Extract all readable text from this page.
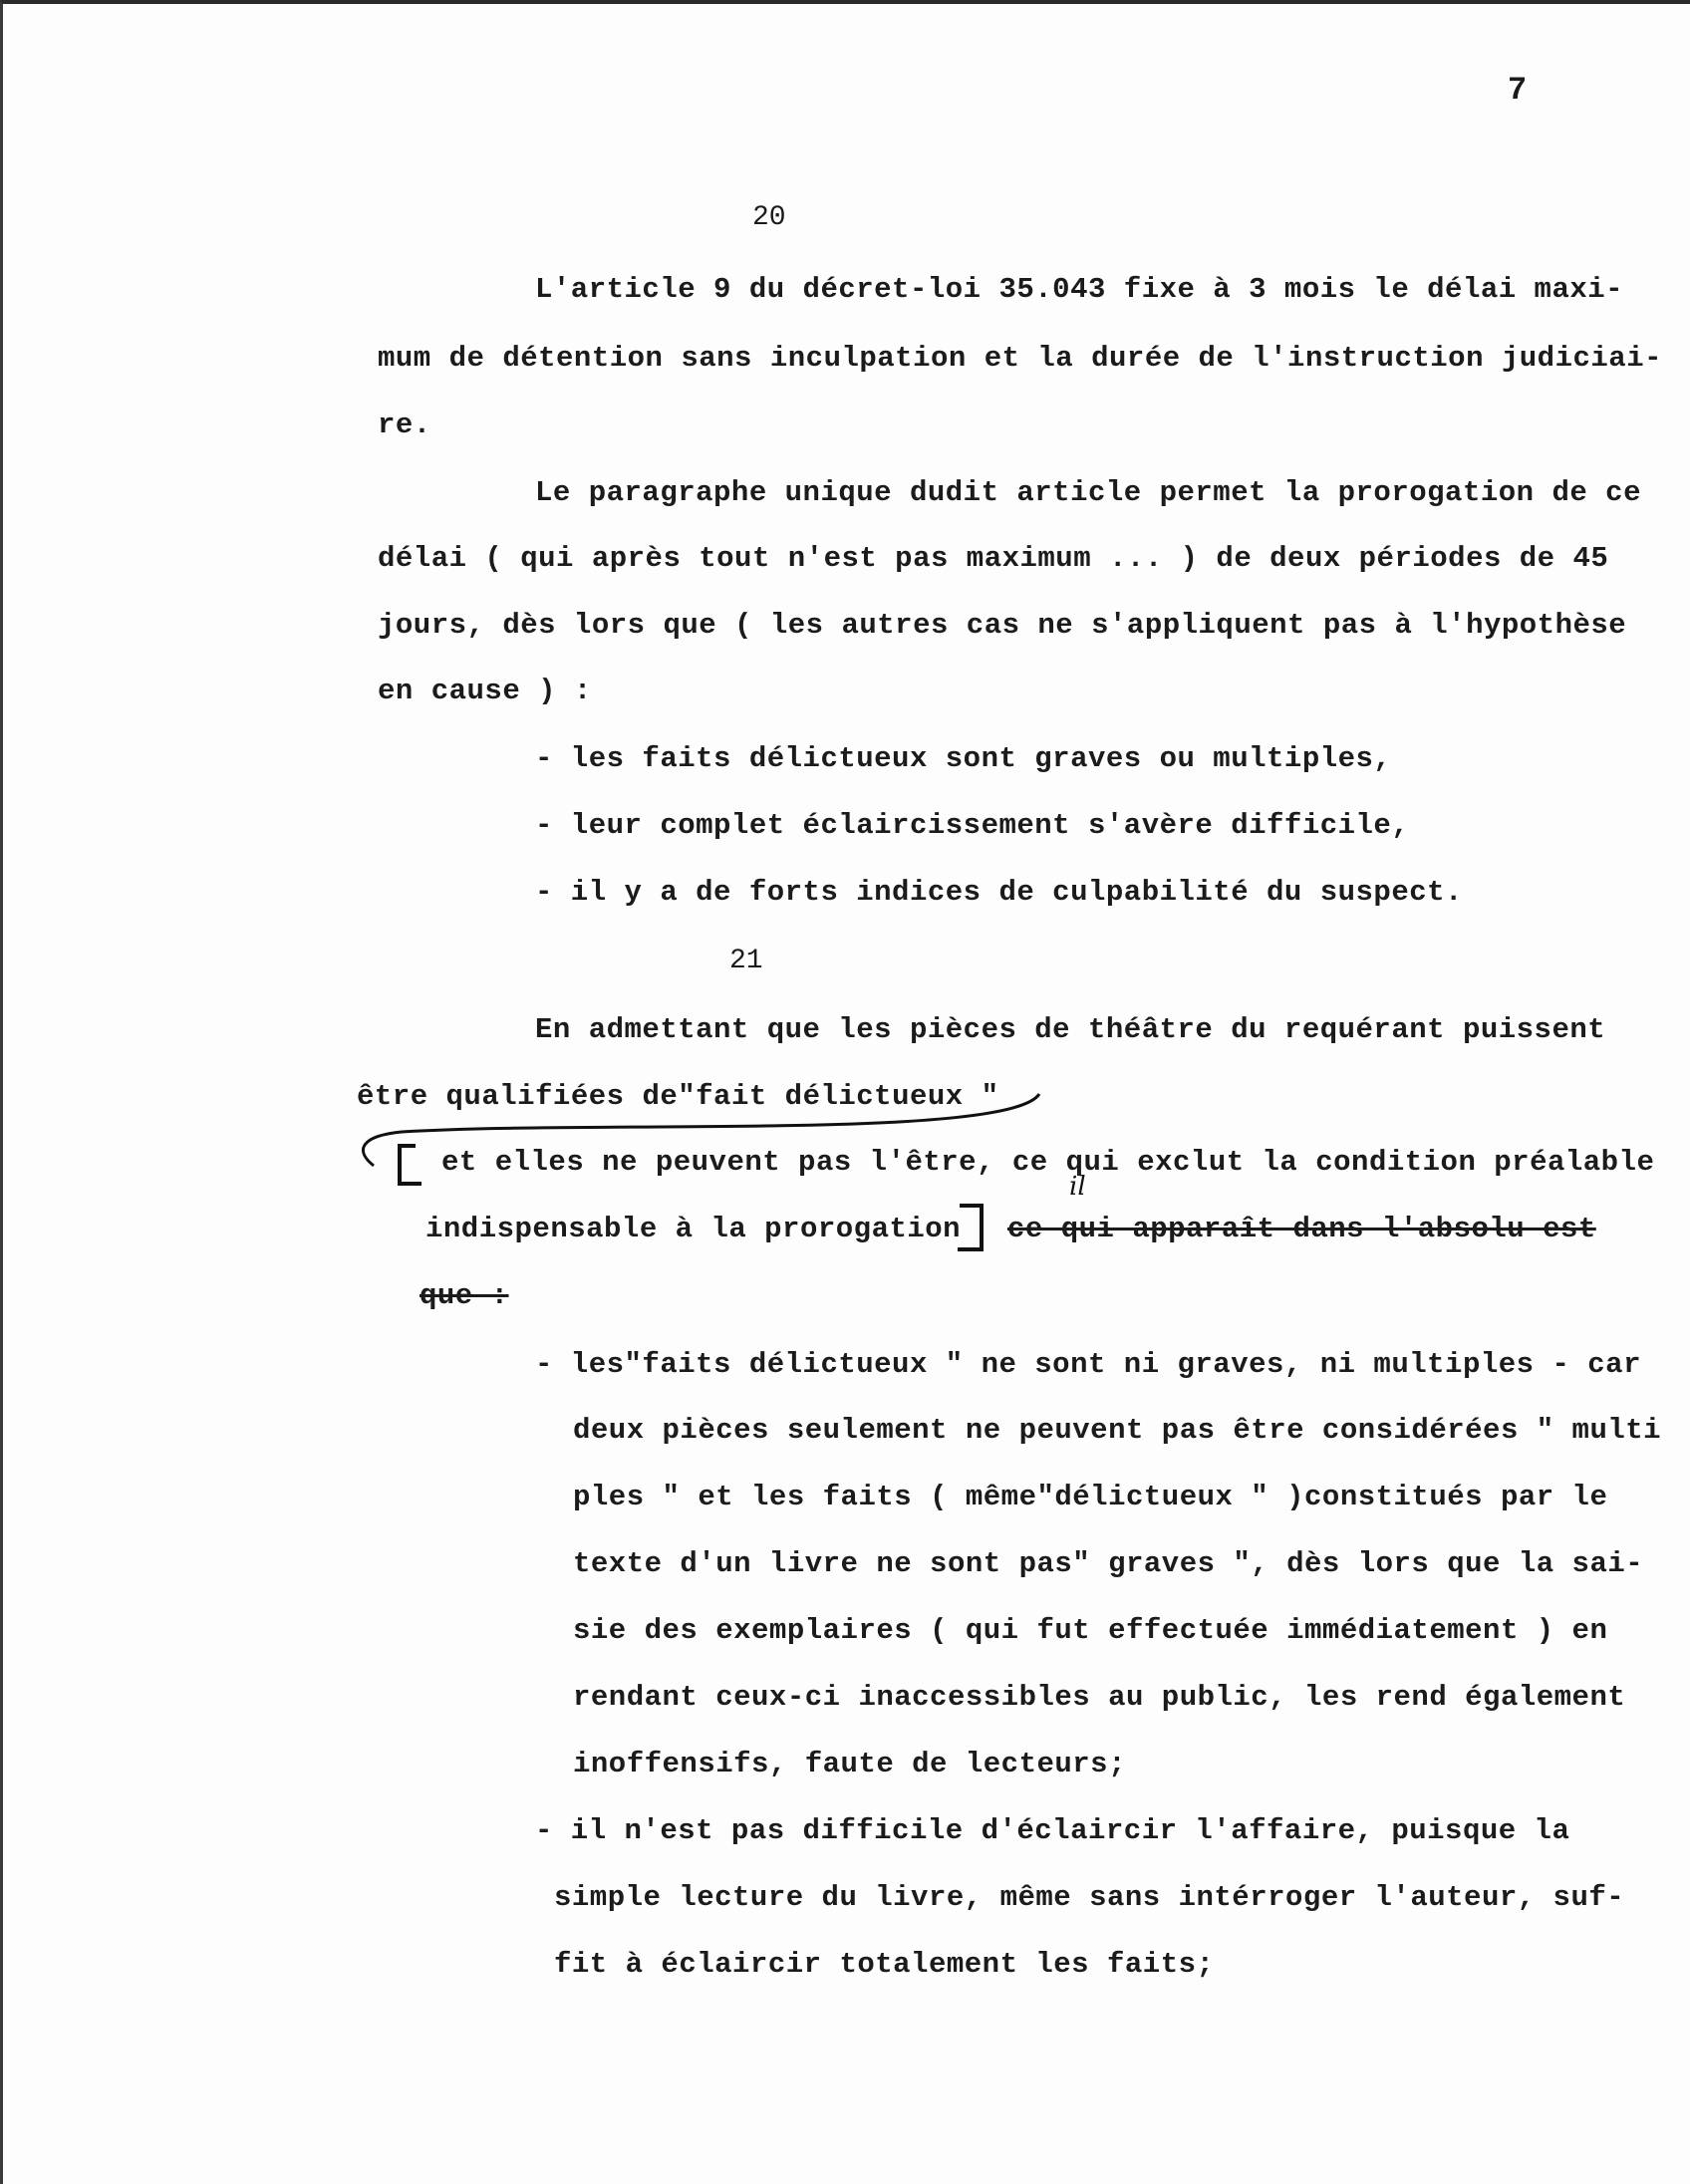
7
20
L'article 9 du décret-loi 35.043 fixe à 3 mois le délai maxi-
mum de détention sans inculpation et la durée de l'instruction judiciai-
re.
Le paragraphe unique dudit article permet la prorogation de ce
délai ( qui après tout n'est pas maximum ... ) de deux périodes de 45
jours, dès lors que ( les autres cas ne s'appliquent pas à l'hypothèse
en cause ) :
- les faits délictueux sont graves ou multiples,
- leur complet éclaircissement s'avère difficile,
- il y a de forts indices de culpabilité du suspect.
21
En admettant que les pièces de théâtre du requérant puissent
être qualifiées de"fait délictueux "
et elles ne peuvent pas l'être, ce qui exclut la condition préalable
indispensable à la prorogation ce qui apparaît dans l'absolu est
que :
- les"faits délictueux " ne sont ni graves, ni multiples - car
deux pièces seulement ne peuvent pas être considérées " multi
ples " et les faits ( même"délictueux " )constitués par le
texte d'un livre ne sont pas" graves ", dès lors que la sai-
sie des exemplaires ( qui fut effectuée immédiatement ) en
rendant ceux-ci inaccessibles au public, les rend également
inoffensifs, faute de lecteurs;
- il n'est pas difficile d'éclaircir l'affaire, puisque la
simple lecture du livre, même sans intérroger l'auteur, suf-
fit à éclaircir totalement les faits;
il
